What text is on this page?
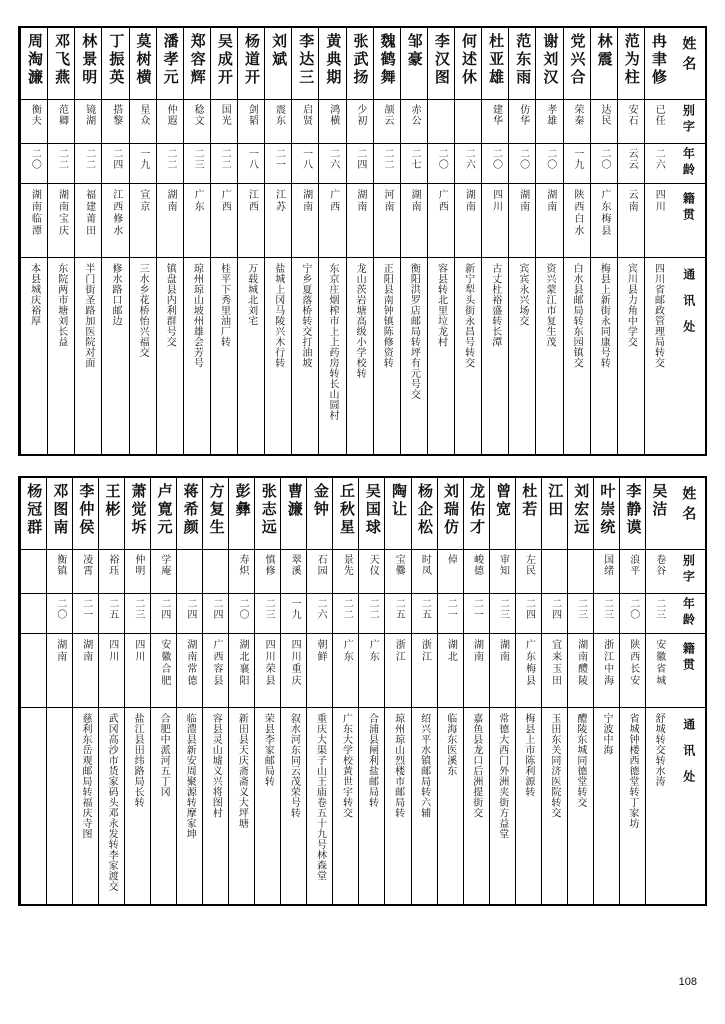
姓名
别字
年龄
籍贯
通讯处
冉聿修
已任
二六
四川
四川省邮政管理局转交
范为柱
安石
云云
云南
宾川县力角中学交
林震
达民
二〇
广东梅县
梅县上新街永同康号转
党兴合
荣秦
一九
陕西白水
白水县邮局转东园镇交
谢刘汉
孝雄
二〇
湖南
资兴蒙江市复生茂
范东雨
仿华
二〇
湖南
宾宾永兴场交
杜亚雄
建华
二〇
四川
古丈杜裕盛转长潭
何述休
二六
湖南
新宁犁头街永昌号转交
李汉图
二〇
广西
容县转北里垃龙村
邹豪
赤公
二七
湖南
衡阳洪罗店邮局转坪有元号交
魏鹤舞
颉云
二二
河南
正阳县南钟镇陈修资转
张武扬
少初
二四
湖南
龙山茨岩塘高级小学校转
黄典期
鸿横
二六
广西
东京庄烟榨市上上药房转长山圆村
李达三
启贤
一八
湖南
宁乡夏落桥转交打油坡
刘斌
震东
二一
江苏
盐城上冈马陵兴木行转
杨道开
剑韬
一八
江西
万载城北刘宅
吴成开
国光
二二
广西
桂平下秀里油厂转
郑容辉
稔文
二三
广东
琼州琼山坡州雄会芳号
潘孝元
仲遐
二二
湖南
镇盘县内利群号交
莫树横
星众
一九
宣京
三水乡花桥怡兴福交
丁振英
搭黎
二四
江西修水
修水路口邮边
林景明
镜湖
二二
福建莆田
半门街圣路加医院对面
邓飞燕
范卿
二二
湖南宝庆
东院两市塘刘长益
周淘濂
衡夫
二〇
湖南临潭
本县城庆裕厚
姓名
别字
年龄
籍贯
通讯处
吴洁
卷谷
二三
安徽省城
舒城转交转水涛
李静谟
浪平
二〇
陕西长安
省城钟楼西德堂转丁家坊
叶崇统
国绪
二三
浙江中海
宁波中海
刘宏远
二三
湖南醴陵
醴陵东城同德堂转交
江田
二四
宜来玉田
玉田东关同济医院转交
杜若
左民
二四
广东梅县
梅县上市陈利源转
曾宽
审知
二三
湖南
常德大西门外洲夹街方益堂
龙佑才
峻德
二一
湖南
嘉鱼县龙口后洲提街交
刘瑞仿
倬
二一
湖北
临海东医溪东
杨企松
时凤
二五
浙江
绍兴平水镇邮局转六辅
陶让
宝爨
二五
浙江
琼州琼山烈楼市邮局转
吴国球
天仪
二二
广东
合浦县闸利盐邮局转
丘秋星
景先
二二
广东
广东大学校黄世宇转交
金钟
石园
二六
朝鲜
重庆大渠子山王庙卷五十九号林森堂
曹濂
翠溪
一九
四川重庆
叙水河东同云茂荣号转
张志远
慎修
二三
四川荣县
荣县李家邮局转
彭彝
寿炽
二〇
湖北襄阳
新田县天庆斋斋义大坪塘
方复生
二四
广西容县
容县灵山墟义兴将图村
蒋希颜
二四
湖南常德
临澧县新安周聚源转摩家坤
卢寛元
学庵
二四
安徽合肥
合肥中派河五丁冈
萧觉坼
仲明
二三
四川
盐江县田纬路局长转
王彬
裕珏
二五
四川
武冈高沙市货家码头邓永发转李家渡交
李仲侯
凌霄
二一
湖南
慈利东岳观邮局转福庆寺图
邓图南
衡镇
二〇
湖南
杨冠群
108
